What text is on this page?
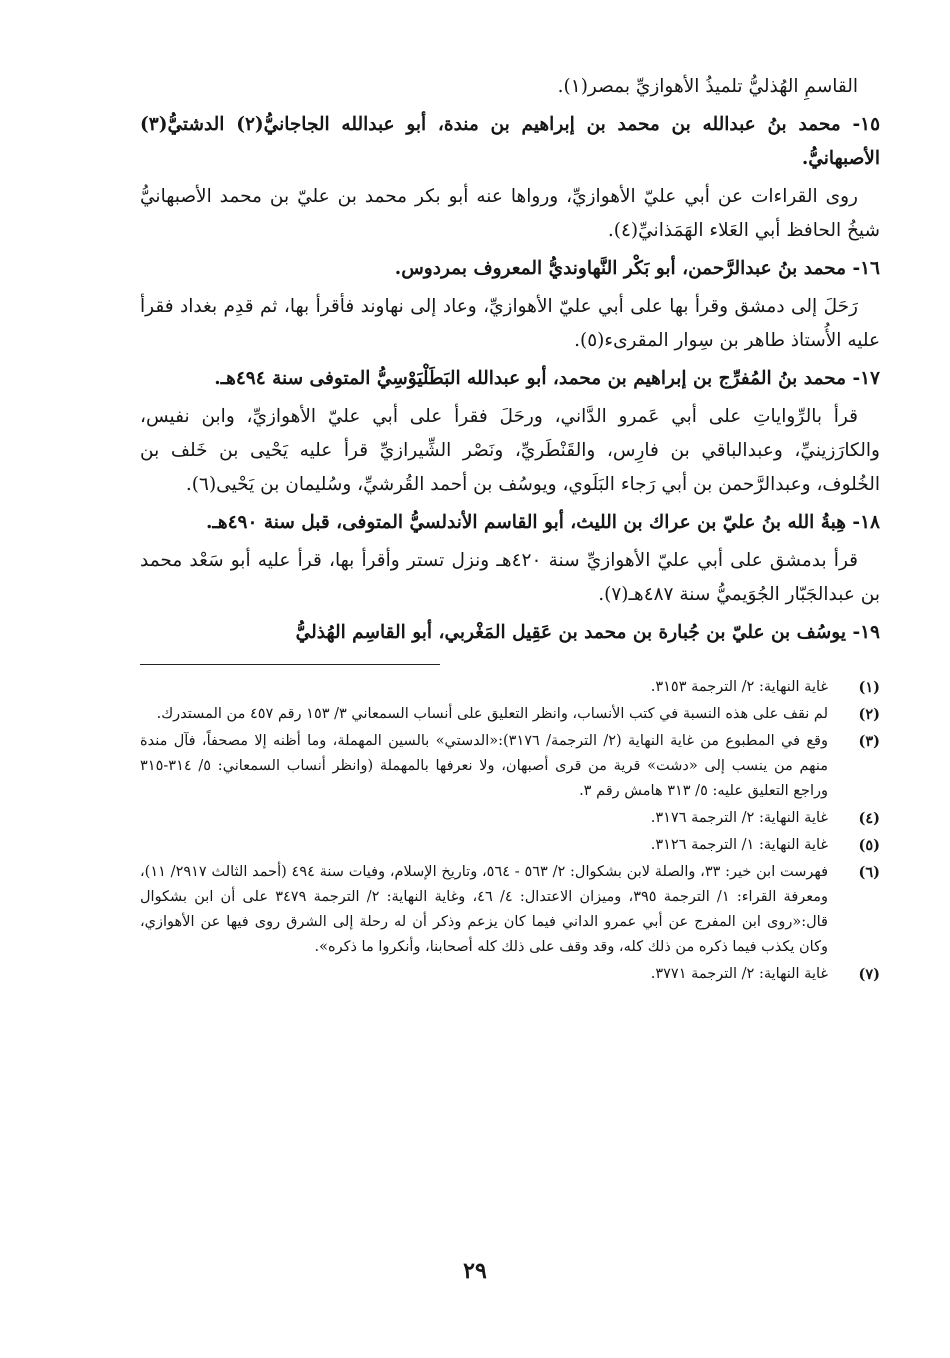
القاسمِ الهُذليُّ تلميذُ الأهوازيِّ بمصر(١).

١٥- محمد بنُ عبدالله بن محمد بن إبراهيم بن مندة، أبو عبدالله الجاجانيُّ(٢) الدشتيُّ(٣) الأصبهانيُّ.

روى القراءات عن أبي عليّ الأهوازيِّ، ورواها عنه أبو بكر محمد بن عليّ بن محمد الأصبهانيُّ شيخُ الحافظ أبي العَلاء الهَمَذانيِّ(٤).

١٦- محمد بنُ عبدالرَّحمن، أبو بَكْر النَّهاونديُّ المعروف بمردوس.

رَحَلَ إلى دمشق وقرأ بها على أبي عليّ الأهوازيِّ، وعاد إلى نهاوند فأقرأ بها، ثم قدِم بغداد فقرأ عليه الأُستاذ طاهر بن سِوار المقرىء(٥).

١٧- محمد بنُ المُفرِّج بن إبراهيم بن محمد، أبو عبدالله البَطَلْيَوْسِيُّ المتوفى سنة ٤٩٤هـ.

قرأ بالرِّواياتِ على أبي عَمرو الدَّاني، ورحَلَ فقرأ على أبي عليّ الأهوازيِّ، وابن نفيس، والكارَزينيِّ، وعبدالباقي بن فارِس، والقَنْطَريِّ، ونَصْر الشِّيرازيِّ قرأ عليه يَحْيى بن خَلف بن الخُلوف، وعبدالرَّحمن بن أبي رَجاء البَلَوي، ويوسُف بن أحمد القُرشيِّ، وسُليمان بن يَحْيى(٦).

١٨- هِبةُ الله بنُ عليّ بن عراك بن الليث، أبو القاسم الأندلسيُّ المتوفى، قبل سنة ٤٩٠هـ.

قرأ بدمشق على أبي عليّ الأهوازيِّ سنة ٤٢٠هـ ونزل تستر وأقرأ بها، قرأ عليه أبو سَعْد محمد بن عبدالجَبّار الجُوَيميُّ سنة ٤٨٧هـ(٧).

١٩- يوسُف بن عليّ بن جُبارة بن محمد بن عَقِيل المَغْربي، أبو القاسِم الهُذليُّ

(١)
غاية النهاية: ٢/ الترجمة ٣١٥٣.
(٢)
لم نقف على هذه النسبة في كتب الأنساب، وانظر التعليق على أنساب السمعاني ٣/ ١٥٣ رقم ٤٥٧ من المستدرك.
(٣)
وقع في المطبوع من غاية النهاية (٢/ الترجمة/ ٣١٧٦):«الدستي» بالسين المهملة، وما أظنه إلا مصحفاً، فآل مندة منهم من ينسب إلى «دشت» قرية من قرى أصبهان، ولا نعرفها بالمهملة (وانظر أنساب السمعاني: ٥/ ٣١٤-٣١٥ وراجع التعليق عليه: ٥/ ٣١٣ هامش رقم ٣.
(٤)
غاية النهاية: ٢/ الترجمة ٣١٧٦.
(٥)
غاية النهاية: ١/ الترجمة ٣١٢٦.
(٦)
فهرست ابن خير: ٣٣، والصلة لابن بشكوال: ٢/ ٥٦٣ - ٥٦٤، وتاريخ الإسلام، وفيات سنة ٤٩٤ (أحمد الثالث ٢٩١٧/ ١١)، ومعرفة القراء: ١/ الترجمة ٣٩٥، وميزان الاعتدال: ٤/ ٤٦، وغاية النهاية: ٢/ الترجمة ٣٤٧٩ على أن ابن بشكوال قال:«روى ابن المفرج عن أبي عمرو الداني فيما كان يزعم وذكر أن له رحلة إلى الشرق روى فيها عن الأهوازي، وكان يكذب فيما ذكره من ذلك كله، وقد وقف على ذلك كله أصحابنا، وأنكروا ما ذكره».
(٧)
غاية النهاية: ٢/ الترجمة ٣٧٧١.
٢٩
